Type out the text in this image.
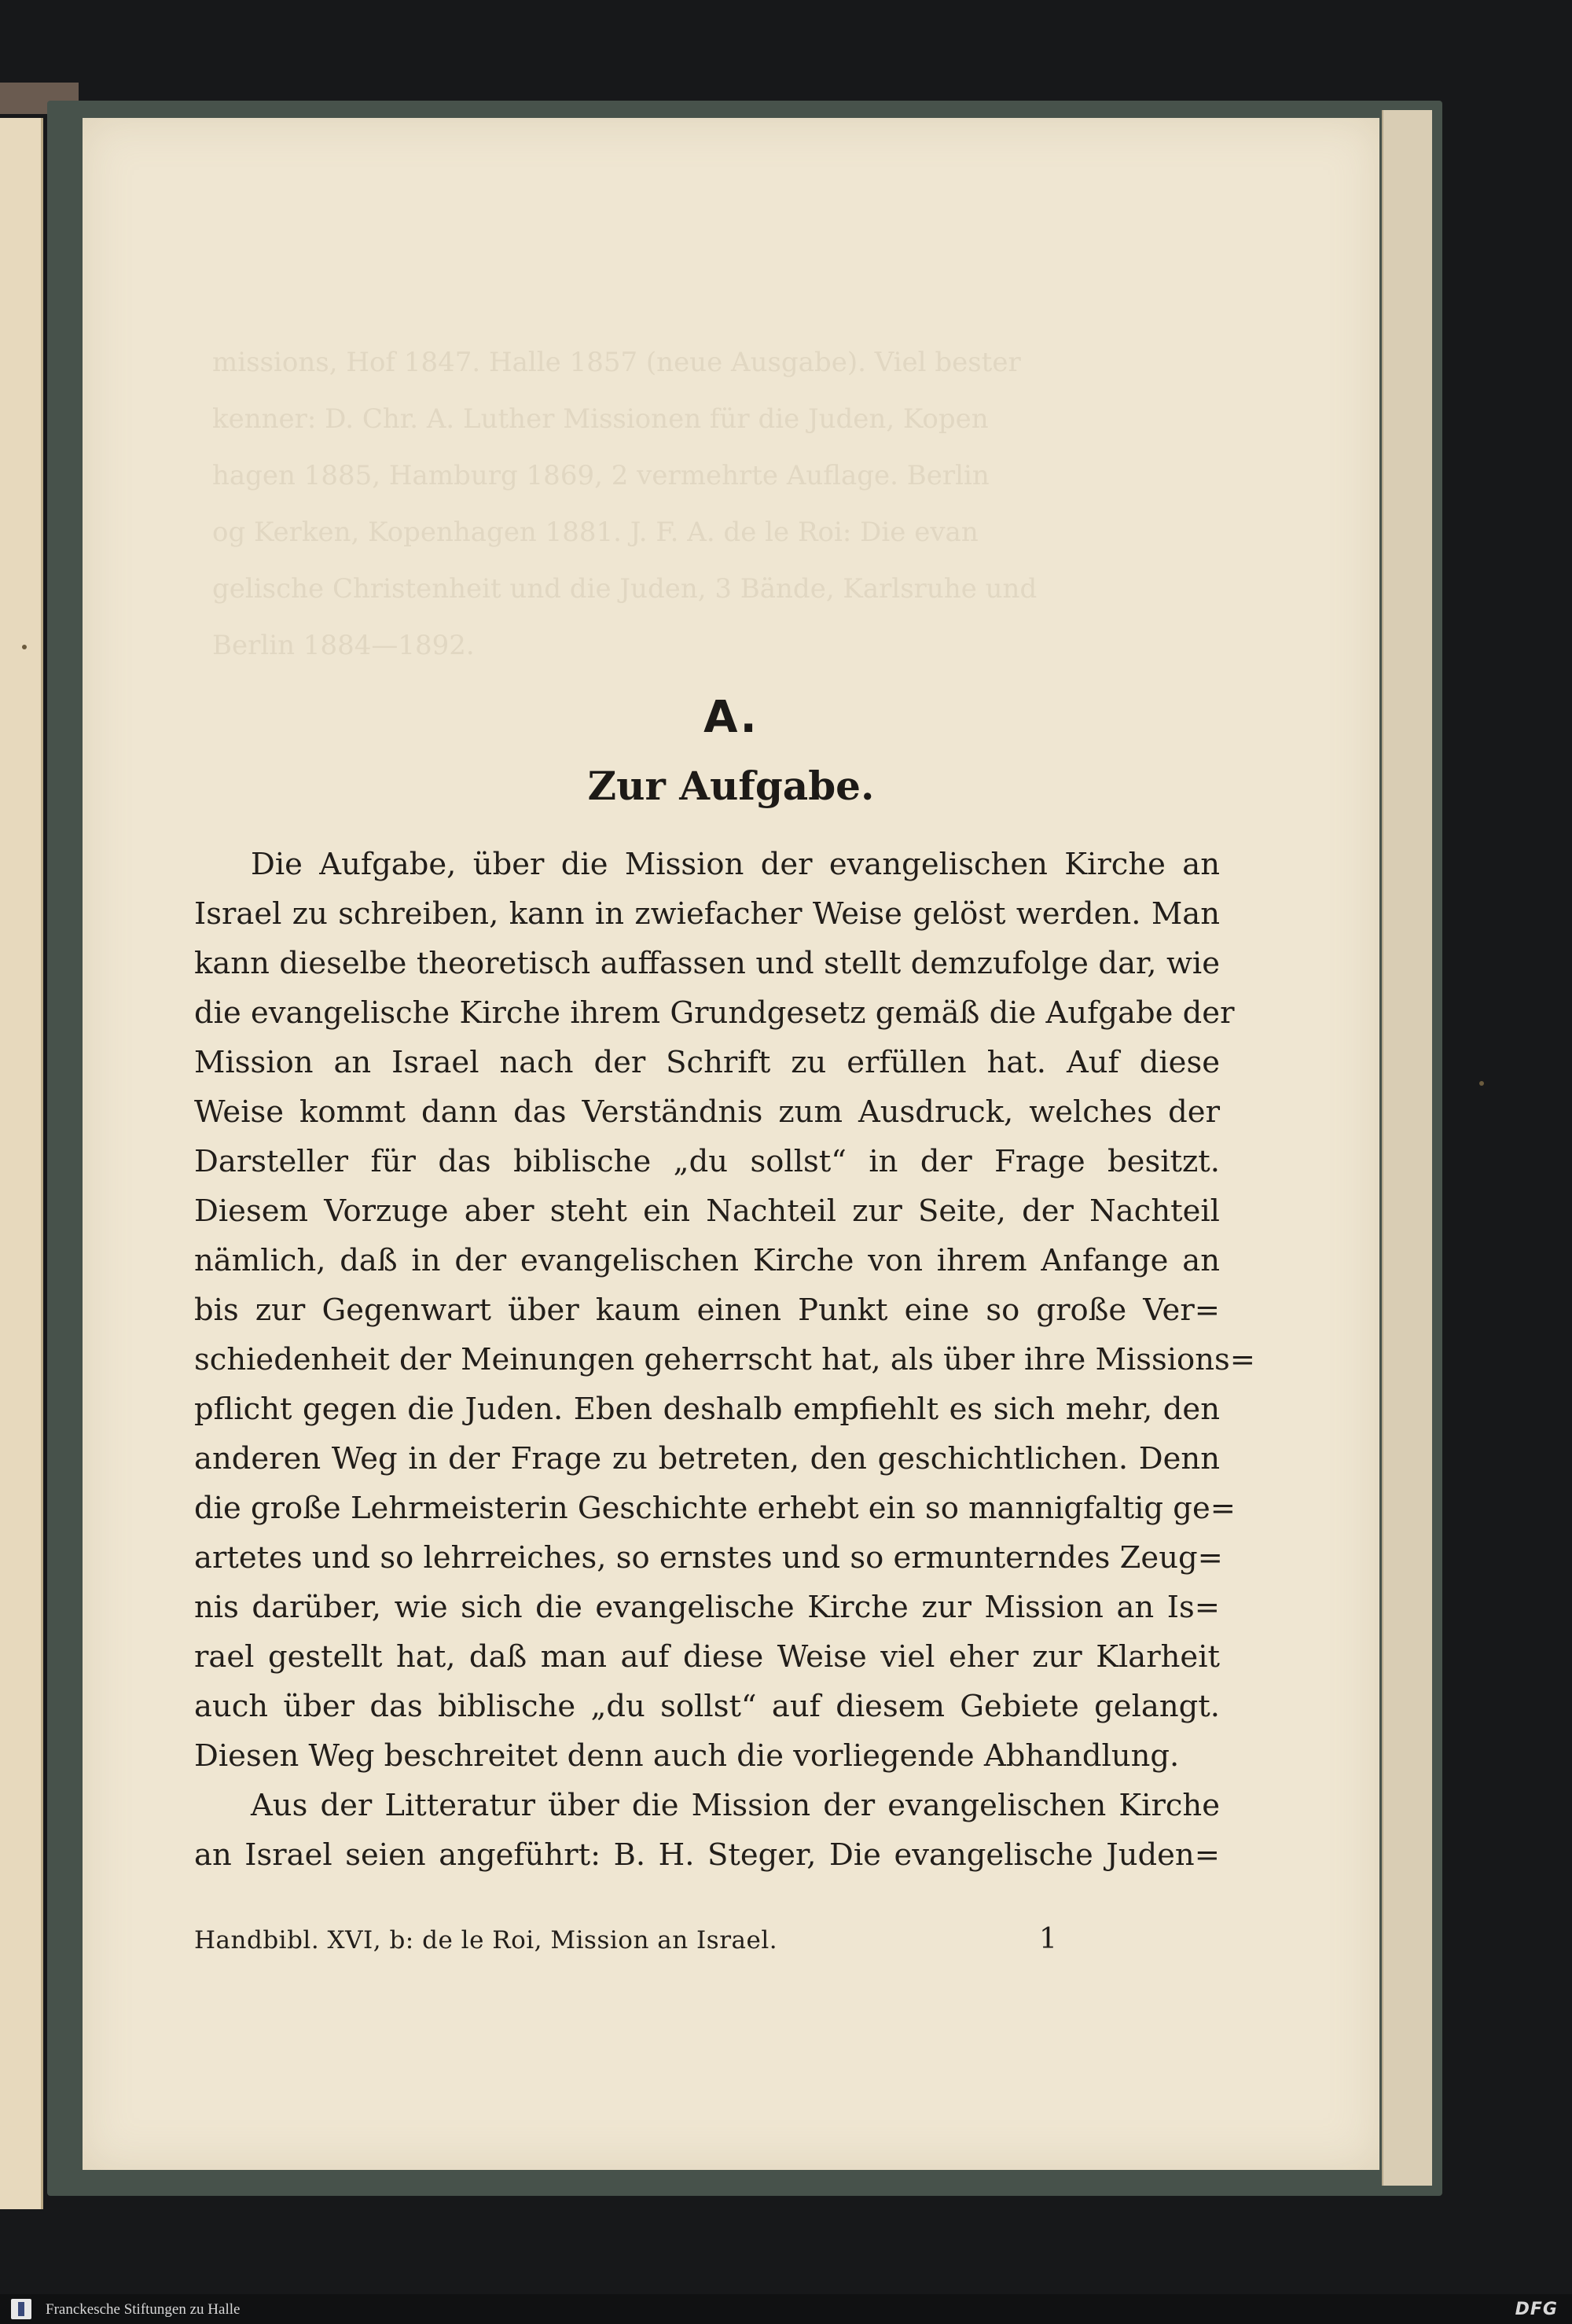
missions, Hof 1847. Halle 1857 (neue Ausgabe). Viel bester
kenner: D. Chr. A. Luther Missionen für die Juden, Kopen
hagen 1885, Hamburg 1869, 2 vermehrte Auflage. Berlin
og Kerken, Kopenhagen 1881. J. F. A. de le Roi: Die evan
gelische Christenheit und die Juden, 3 Bände, Karlsruhe und
Berlin 1884—1892.
A.
Zur Aufgabe.
Die Aufgabe, über die Mission der evangelischen Kirche an
Israel zu schreiben, kann in zwiefacher Weise gelöst werden. Man
kann dieselbe theoretisch auffassen und stellt demzufolge dar, wie
die evangelische Kirche ihrem Grundgesetz gemäß die Aufgabe der
Mission an Israel nach der Schrift zu erfüllen hat. Auf diese
Weise kommt dann das Verständnis zum Ausdruck, welches der
Darsteller für das biblische „du sollst“ in der Frage besitzt.
Diesem Vorzuge aber steht ein Nachteil zur Seite, der Nachteil
nämlich, daß in der evangelischen Kirche von ihrem Anfange an
bis zur Gegenwart über kaum einen Punkt eine so große Ver=
schiedenheit der Meinungen geherrscht hat, als über ihre Missions=
pflicht gegen die Juden. Eben deshalb empfiehlt es sich mehr, den
anderen Weg in der Frage zu betreten, den geschichtlichen. Denn
die große Lehrmeisterin Geschichte erhebt ein so mannigfaltig ge=
artetes und so lehrreiches, so ernstes und so ermunterndes Zeug=
nis darüber, wie sich die evangelische Kirche zur Mission an Is=
rael gestellt hat, daß man auf diese Weise viel eher zur Klarheit
auch über das biblische „du sollst“ auf diesem Gebiete gelangt.
Diesen Weg beschreitet denn auch die vorliegende Abhandlung.
Aus der Litteratur über die Mission der evangelischen Kirche
an Israel seien angeführt: B. H. Steger, Die evangelische Juden=
Handbibl. XVI, b: de le Roi, Mission an Israel.	1
Franckesche Stiftungen zu Halle	DFG
